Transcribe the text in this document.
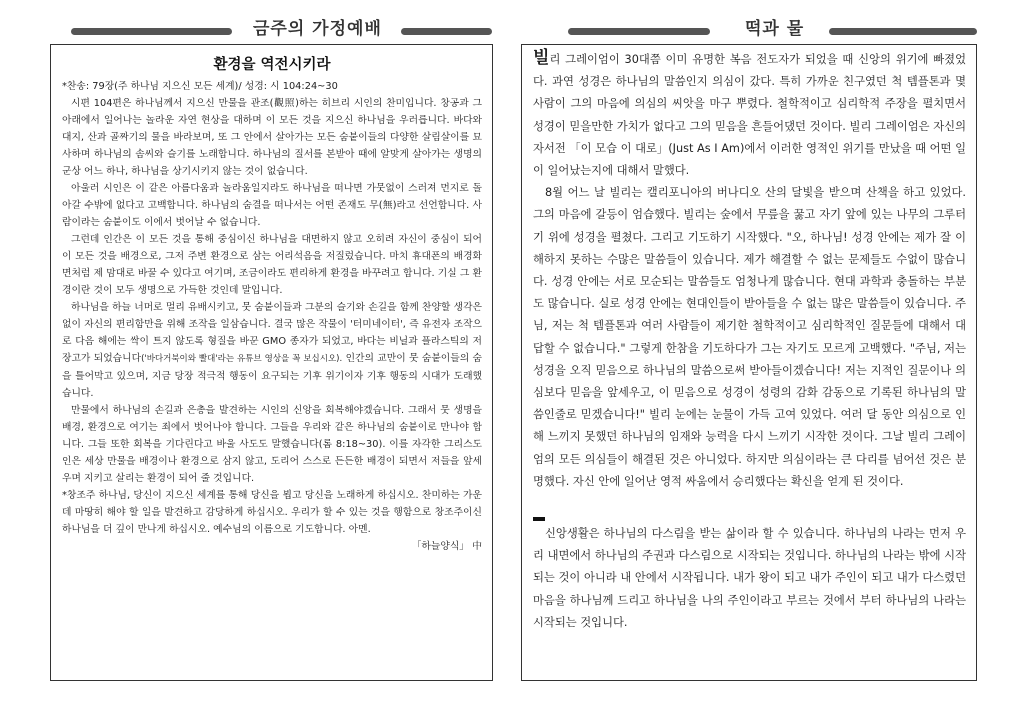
금주의 가정예배	떡과 물
환경을 역전시키라

*찬송: 79장(주 하나님 지으신 모든 세계)/ 성경: 시 104:24~30

시편 104편은 하나님께서 지으신 만물을 관조(觀照)하는 히브리 시인의 찬미입니다. 창공과 그 아래에서 일어나는 놀라운 자연 현상을 대하며 이 모든 것을 지으신 하나님을 우러릅니다. 바다와 대지, 산과 골짜기의 물을 바라보며, 또 그 안에서 살아가는 모든 숨붙이들의 다양한 살림살이를 묘사하며 하나님의 솜씨와 슬기를 노래합니다. 하나님의 질서를 본받아 때에 알맞게 살아가는 생명의 군상 어느 하나, 하나님을 상기시키지 않는 것이 없습니다.

아울러 시인은 이 같은 아름다움과 놀라움일지라도 하나님을 떠나면 가뭇없이 스러져 먼지로 돌아갈 수밖에 없다고 고백합니다. 하나님의 숨결을 떠나서는 어떤 존재도 무(無)라고 선언합니다. 사람이라는 숨붙이도 이에서 벗어날 수 없습니다.

그런데 인간은 이 모든 것을 통해 중심이신 하나님을 대면하지 않고 오히려 자신이 중심이 되어 이 모든 것을 배경으로, 그저 주변 환경으로 삼는 어리석음을 저질렀습니다. 마치 휴대폰의 배경화면처럼 제 맘대로 바꿀 수 있다고 여기며, 조금이라도 편리하게 환경을 바꾸려고 합니다. 기실 그 환경이란 것이 모두 생명으로 가득한 것인데 말입니다.

하나님을 하늘 너머로 멀리 유배시키고, 뭇 숨붙이들과 그분의 슬기와 손길을 함께 찬양할 생각은 없이 자신의 편리함만을 위해 조작을 일삼습니다. 결국 많은 작물이 '터미네이터', 즉 유전자 조작으로 다음 해에는 싹이 트지 않도록 형질을 바꾼 GMO 종자가 되었고, 바다는 비닐과 플라스틱의 저장고가 되었습니다('바다거북이와 빨대'라는 유튜브 영상을 꼭 보십시오). 인간의 교만이 뭇 숨붙이들의 숨을 틀어막고 있으며, 지금 당장 적극적 행동이 요구되는 기후 위기이자 기후 행동의 시대가 도래했습니다.

만물에서 하나님의 손길과 은총을 발견하는 시인의 신앙을 회복해야겠습니다. 그래서 뭇 생명을 배경, 환경으로 여기는 죄에서 벗어나야 합니다. 그들을 우리와 같은 하나님의 숨붙이로 만나야 합니다. 그들 또한 회복을 기다린다고 바울 사도도 말했습니다(롬 8:18~30). 이를 자각한 그리스도인은 세상 만물을 배경이나 환경으로 삼지 않고, 도리어 스스로 든든한 배경이 되면서 저들을 앞세우며 지키고 살리는 환경이 되어 줄 것입니다.

*창조주 하나님, 당신이 지으신 세계를 통해 당신을 뵙고 당신을 노래하게 하십시오. 찬미하는 가운데 마땅히 해야 할 일을 발견하고 감당하게 하십시오. 우리가 할 수 있는 것을 행함으로 창조주이신 하나님을 더 깊이 만나게 하십시오. 예수님의 이름으로 기도합니다. 아멘.

「하늘양식」 中

빌리 그레이엄이 30대쯤 이미 유명한 복음 전도자가 되었을 때 신앙의 위기에 빠졌었다. 과연 성경은 하나님의 말씀인지 의심이 갔다. 특히 가까운 친구였던 척 템플톤과 몇 사람이 그의 마음에 의심의 씨앗을 마구 뿌렸다. 철학적이고 심리학적 주장을 펼치면서 성경이 믿을만한 가치가 없다고 그의 믿음을 흔들어댔던 것이다. 빌리 그레이엄은 자신의 자서전 「이 모습 이 대로」(Just As I Am)에서 이러한 영적인 위기를 만났을 때 어떤 일이 일어났는지에 대해서 말했다.

8월 어느 날 빌리는 캘리포니아의 버나디오 산의 달빛을 받으며 산책을 하고 있었다. 그의 마음에 갈등이 엄습했다. 빌리는 숲에서 무릎을 꿇고 자기 앞에 있는 나무의 그루터기 위에 성경을 펼쳤다. 그리고 기도하기 시작했다. "오, 하나님! 성경 안에는 제가 잘 이해하지 못하는 수많은 말씀들이 있습니다. 제가 해결할 수 없는 문제들도 수없이 많습니다. 성경 안에는 서로 모순되는 말씀들도 엄청나게 많습니다. 현대 과학과 충돌하는 부분도 많습니다. 실로 성경 안에는 현대인들이 받아들을 수 없는 많은 말씀들이 있습니다. 주님, 저는 척 템플톤과 여러 사람들이 제기한 철학적이고 심리학적인 질문들에 대해서 대답할 수 없습니다." 그렇게 한참을 기도하다가 그는 자기도 모르게 고백했다. "주님, 저는 성경을 오직 믿음으로 하나님의 말씀으로써 받아들이겠습니다! 저는 지적인 질문이나 의심보다 믿음을 앞세우고, 이 믿음으로 성경이 성령의 감화 감동으로 기록된 하나님의 말씀인줄로 믿겠습니다!" 빌리 눈에는 눈물이 가득 고여 있었다. 여러 달 동안 의심으로 인해 느끼지 못했던 하나님의 임재와 능력을 다시 느끼기 시작한 것이다. 그날 빌리 그레이엄의 모든 의심들이 해결된 것은 아니었다. 하지만 의심이라는 큰 다리를 넘어선 것은 분명했다. 자신 안에 일어난 영적 싸움에서 승리했다는 확신을 얻게 된 것이다.

신앙생활은 하나님의 다스림을 받는 삶이라 할 수 있습니다. 하나님의 나라는 먼저 우리 내면에서 하나님의 주권과 다스림으로 시작되는 것입니다. 하나님의 나라는 밖에 시작되는 것이 아니라 내 안에서 시작됩니다. 내가 왕이 되고 내가 주인이 되고 내가 다스렸던 마음을 하나님께 드리고 하나님을 나의 주인이라고 부르는 것에서 부터 하나님의 나라는 시작되는 것입니다.
